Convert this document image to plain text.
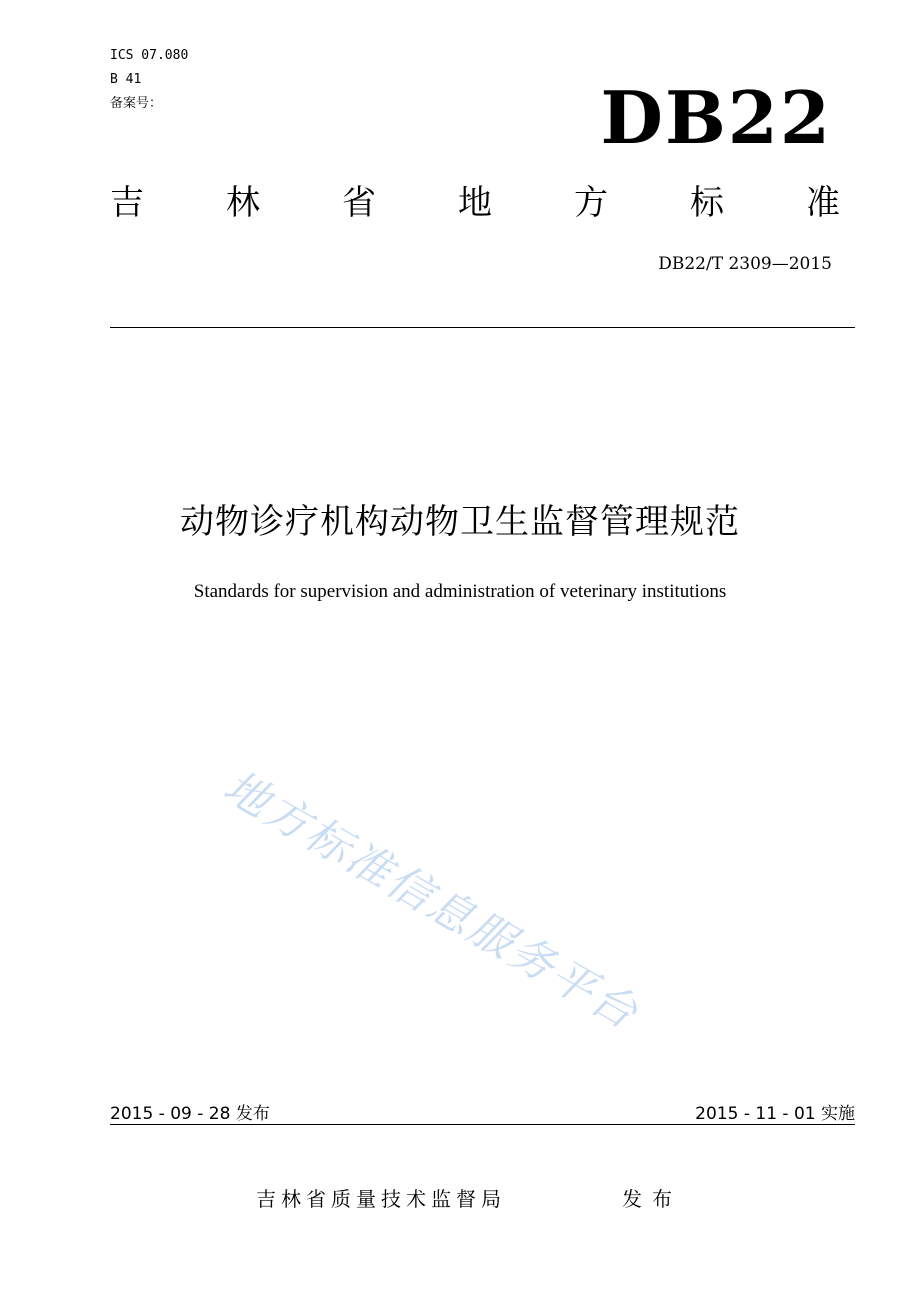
ICS 07.080
B 41
备案号：	DB22
吉 林 省 地 方 标 准
DB22/T 2309—2015
动物诊疗机构动物卫生监督管理规范
Standards for supervision and administration of veterinary institutions
地方标准信息服务平台
2015 - 09 - 28 发布	2015 - 11 - 01 实施
吉林省质量技术监督局	发布
